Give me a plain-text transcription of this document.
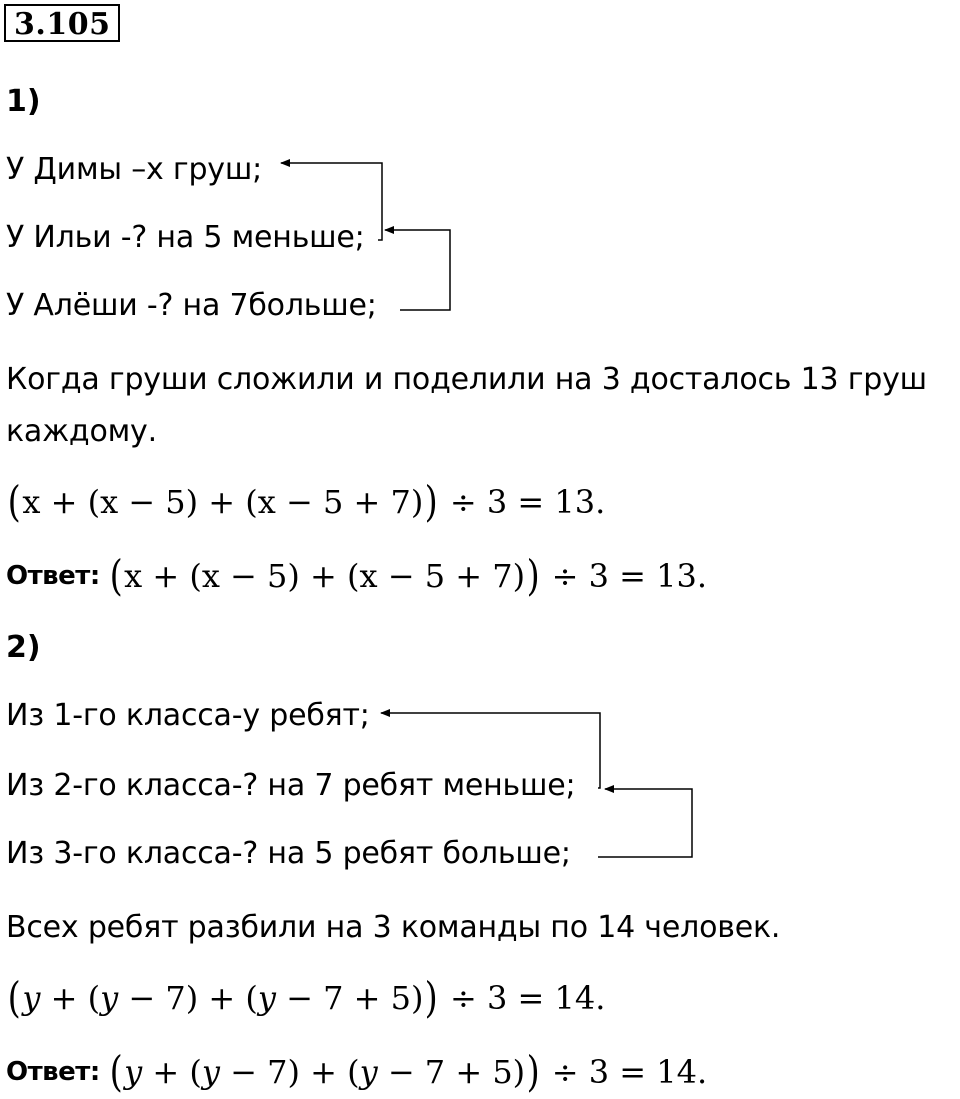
3.105
1)
У Димы –x груш;
У Ильи -? на 5 меньше;
У Алёши -? на 7больше;
Когда груши сложили и поделили на 3 досталось 13 груш
каждому.
(x + (x − 5) + (x − 5 + 7)) ÷ 3 = 13.
Ответ: (x + (x − 5) + (x − 5 + 7)) ÷ 3 = 13.
2)
Из 1-го класса-y ребят;
Из 2-го класса-? на 7 ребят меньше;
Из 3-го класса-? на 5 ребят больше;
Всех ребят разбили на 3 команды по 14 человек.
(y + (y − 7) + (y − 7 + 5)) ÷ 3 = 14.
Ответ: (y + (y − 7) + (y − 7 + 5)) ÷ 3 = 14.
